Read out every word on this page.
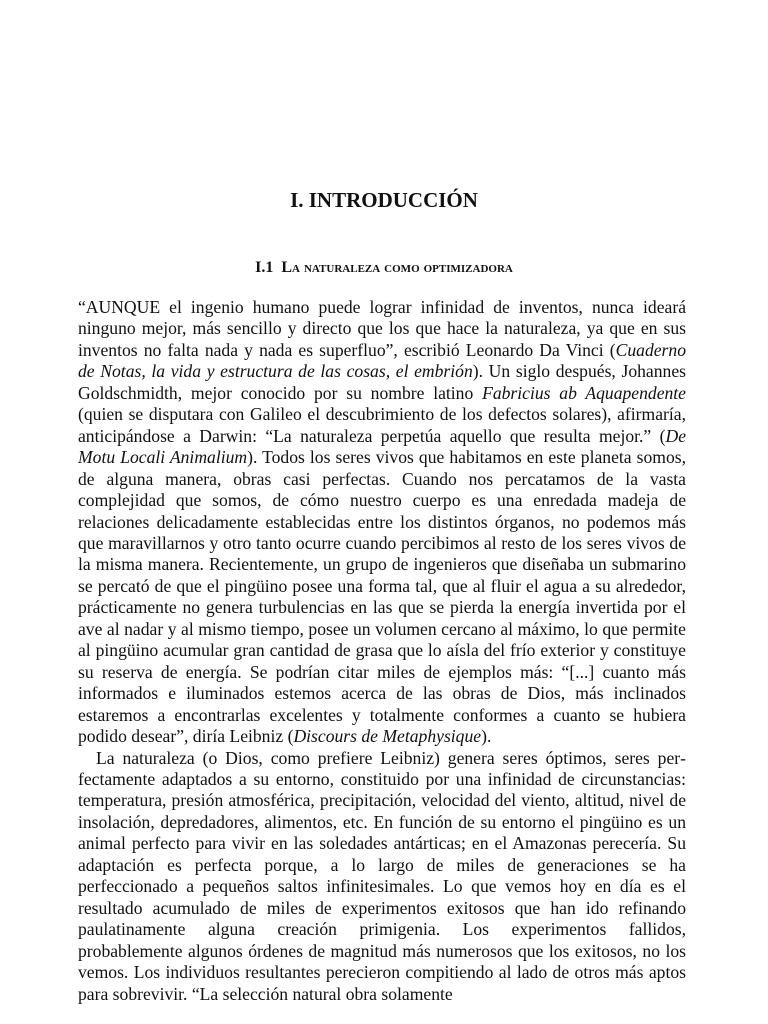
I. INTRODUCCIÓN
I.1 La naturaleza como optimizadora

“AUNQUE el ingenio humano puede lograr infinidad de inventos, nunca ideará ninguno mejor, más sencillo y directo que los que hace la naturaleza, ya que en sus inventos no falta nada y nada es superfluo”, escribió Leonardo Da Vinci (Cuaderno de Notas, la vida y estructura de las cosas, el embrión). Un siglo después, Johannes Goldschmidth, mejor conocido por su nombre latino Fabricius ab Aquapendente (quien se disputara con Galileo el descubrimiento de los defectos solares), afirmaría, anticipándose a Darwin: “La naturaleza perpetúa aquello que resulta mejor.” (De Motu Locali Animalium). Todos los seres vivos que habitamos en este planeta somos, de alguna manera, obras casi perfectas. Cuando nos percatamos de la vasta complejidad que somos, de cómo nuestro cuerpo es una enredada madeja de relaciones delicadamente establecidas entre los distintos órganos, no podemos más que maravillarnos y otro tanto ocurre cuando percibimos al resto de los seres vivos de la misma manera. Recientemente, un grupo de ingenieros que diseñaba un submarino se percató de que el pingüino posee una forma tal, que al fluir el agua a su alrededor, prácticamente no genera turbulencias en las que se pierda la energía invertida por el ave al nadar y al mismo tiempo, posee un volumen cercano al máximo, lo que permite al pingüino acumular gran cantidad de grasa que lo aísla del frío exterior y constituye su reserva de energía. Se podrían citar miles de ejemplos más: “[...] cuanto más informados e iluminados estemos acerca de las obras de Dios, más inclinados estaremos a encontrarlas excelentes y totalmente conformes a cuanto se hubiera podido desear”, diría Leibniz (Discours de Metaphysique).

La naturaleza (o Dios, como prefiere Leibniz) genera seres óptimos, seres perfectamente adaptados a su entorno, constituido por una infinidad de circunstancias: temperatura, presión atmosférica, precipitación, velocidad del viento, altitud, nivel de insolación, depredadores, alimentos, etc. En función de su entorno el pingüino es un animal perfecto para vivir en las soledades antárticas; en el Amazonas perecería. Su adaptación es perfecta porque, a lo largo de miles de generaciones se ha perfeccionado a pequeños saltos infinitesimales. Lo que vemos hoy en día es el resultado acumulado de miles de experimentos exitosos que han ido refinando paulatinamente alguna creación primigenia. Los experimentos fallidos, probablemente algunos órdenes de magnitud más numerosos que los exitosos, no los vemos. Los individuos resultantes perecieron compitiendo al lado de otros más aptos para sobrevivir. “La selección natural obra solamente
